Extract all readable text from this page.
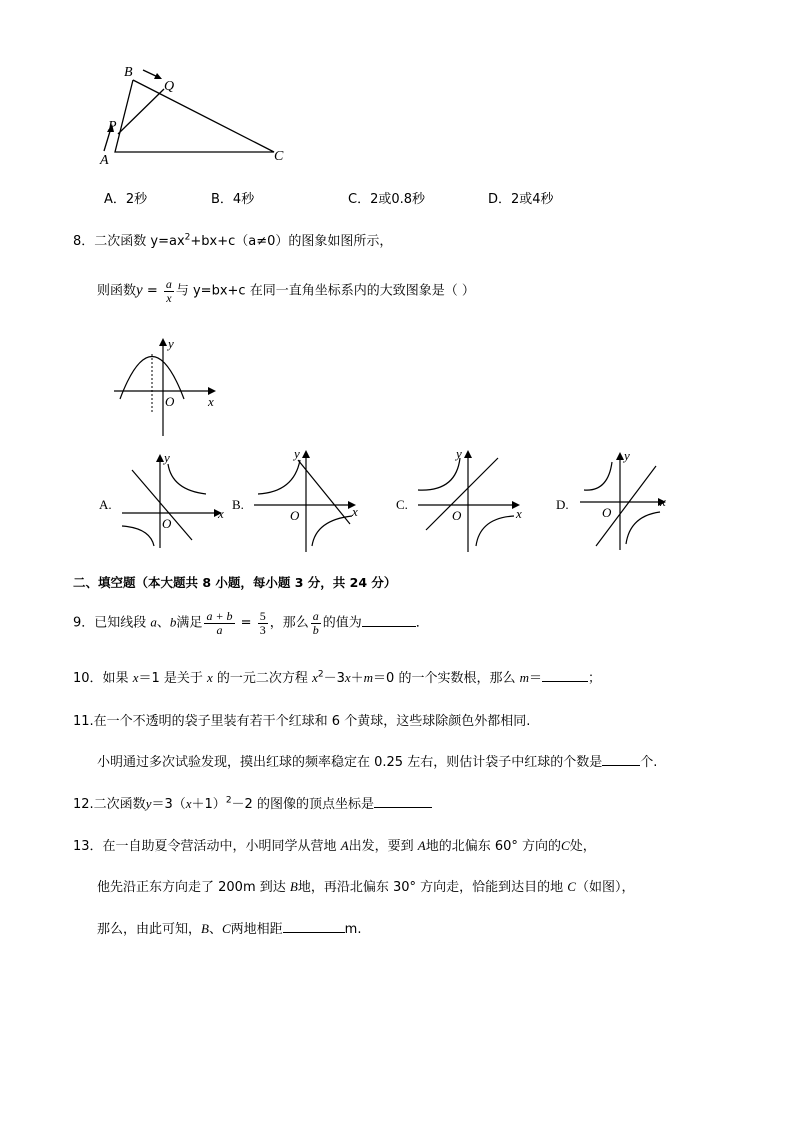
B
Q
P
A	C
A．2秒	B．4秒	C．2或0.8秒	D．2或4秒
8．二次函数 $y=ax^2+bx+c(a\ne 0)$的图象如图所示，
则函数$y = \frac{a}{x}$ 与 y=bx+c 在同一直角坐标系内的大致图象是（ ）
y
x
O
A.	B.	C.	D.
y
x
O
y
x
O
y
x
O
y
x
O
二、填空题（本大题共 8 小题，每小题 3 分，共 24 分）
9．已知线段 a、b满足 $\frac{a + b}{a} = \frac{5}{3}$ ，那么 $\frac{a}{b}$ 的值为	．
10．如果 x＝1 是关于 x 的一元二次方程 $x^2-3x+m=0$ 的一个实数根，那么 m＝	；
11.在一个不透明的袋子里装有若干个红球和 6 个黄球，这些球除颜色外都相同.
小明通过多次试验发现，摸出红球的频率稳定在 0.25 左右，则估计袋子中红球的个数是	个.
12.二次函数$y=3(x+1)^2-2$ 的图像的顶点坐标是
13．在一自助夏令营活动中，小明同学从营地 A出发，要到 A地的北偏东 60° 方向的C处，
他先沿正东方向走了 200m 到达 B地，再沿北偏东 30° 方向走，恰能到达目的地 C（如图），
那么，由此可知，B、C两地相距	m.
